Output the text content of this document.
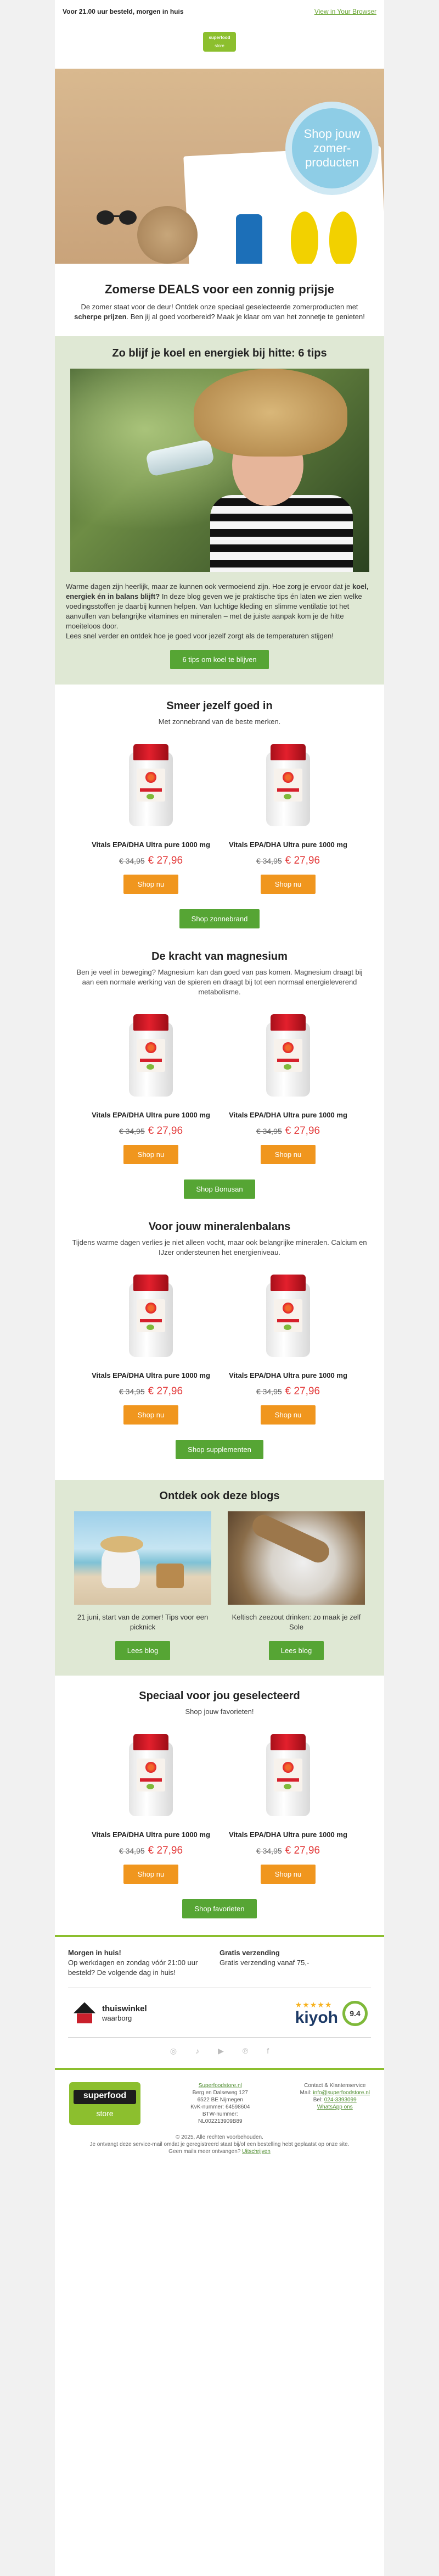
Voor 21.00 uur besteld, morgen in huis	View in Your Browser
superfood
store
Shop jouw zomer-producten
Zomerse DEALS voor een zonnig prijsje

De zomer staat voor de deur! Ontdek onze speciaal geselecteerde zomerproducten met scherpe prijzen. Ben jij al goed voorbereid? Maak je klaar om van het zonnetje te genieten!

Zo blijf je koel en energiek bij hitte: 6 tips

Warme dagen zijn heerlijk, maar ze kunnen ook vermoeiend zijn. Hoe zorg je ervoor dat je koel, energiek én in balans blijft? In deze blog geven we je praktische tips én laten we zien welke voedingsstoffen je daarbij kunnen helpen. Van luchtige kleding en slimme ventilatie tot het aanvullen van belangrijke vitamines en mineralen – met de juiste aanpak kom je de hitte moeiteloos door.
Lees snel verder en ontdek hoe je goed voor jezelf zorgt als de temperaturen stijgen!

6 tips om koel te blijven
Smeer jezelf goed in

Met zonnebrand van de beste merken.

Vitals EPA/DHA Ultra pure 1000 mg
€ 34,95 € 27,96
Shop nu
Vitals EPA/DHA Ultra pure 1000 mg
€ 34,95 € 27,96
Shop nu
Shop zonnebrand
De kracht van magnesium

Ben je veel in beweging? Magnesium kan dan goed van pas komen. Magnesium draagt bij aan een normale werking van de spieren en draagt bij tot een normaal energieleverend metabolisme.

Vitals EPA/DHA Ultra pure 1000 mg
€ 34,95 € 27,96
Shop nu
Vitals EPA/DHA Ultra pure 1000 mg
€ 34,95 € 27,96
Shop nu
Shop Bonusan
Voor jouw mineralenbalans

Tijdens warme dagen verlies je niet alleen vocht, maar ook belangrijke mineralen. Calcium en IJzer ondersteunen het energieniveau.

Vitals EPA/DHA Ultra pure 1000 mg
€ 34,95 € 27,96
Shop nu
Vitals EPA/DHA Ultra pure 1000 mg
€ 34,95 € 27,96
Shop nu
Shop supplementen
Ontdek ook deze blogs

21 juni, start van de zomer! Tips voor een picknick

Lees blog

Keltisch zeezout drinken: zo maak je zelf Sole

Lees blog
Speciaal voor jou geselecteerd

Shop jouw favorieten!

Vitals EPA/DHA Ultra pure 1000 mg
€ 34,95 € 27,96
Shop nu
Vitals EPA/DHA Ultra pure 1000 mg
€ 34,95 € 27,96
Shop nu
Shop favorieten
Morgen in huis!
Op werkdagen en zondag vóór 21:00 uur besteld? De volgende dag in huis!
Gratis verzending
Gratis verzending vanaf 75,-
thuiswinkel
waarborg
★★★★★
kiyoh	9.4
◎ ♪ ▶ ℗ f
superfood
store
Superfoodstore.nl
Berg en Dalseweg 127
6522 BE Nijmegen
KvK-nummer: 64598604
BTW-nummer:
NL002213909B89
Contact & Klantenservice
Mail: info@superfoodstore.nl
Bel: 024-3393099
WhatsApp ons
© 2025, Alle rechten voorbehouden.
Je ontvangt deze service-mail omdat je geregistreerd staat bij/of een bestelling hebt geplaatst op onze site.
Geen mails meer ontvangen? Uitschrijven
